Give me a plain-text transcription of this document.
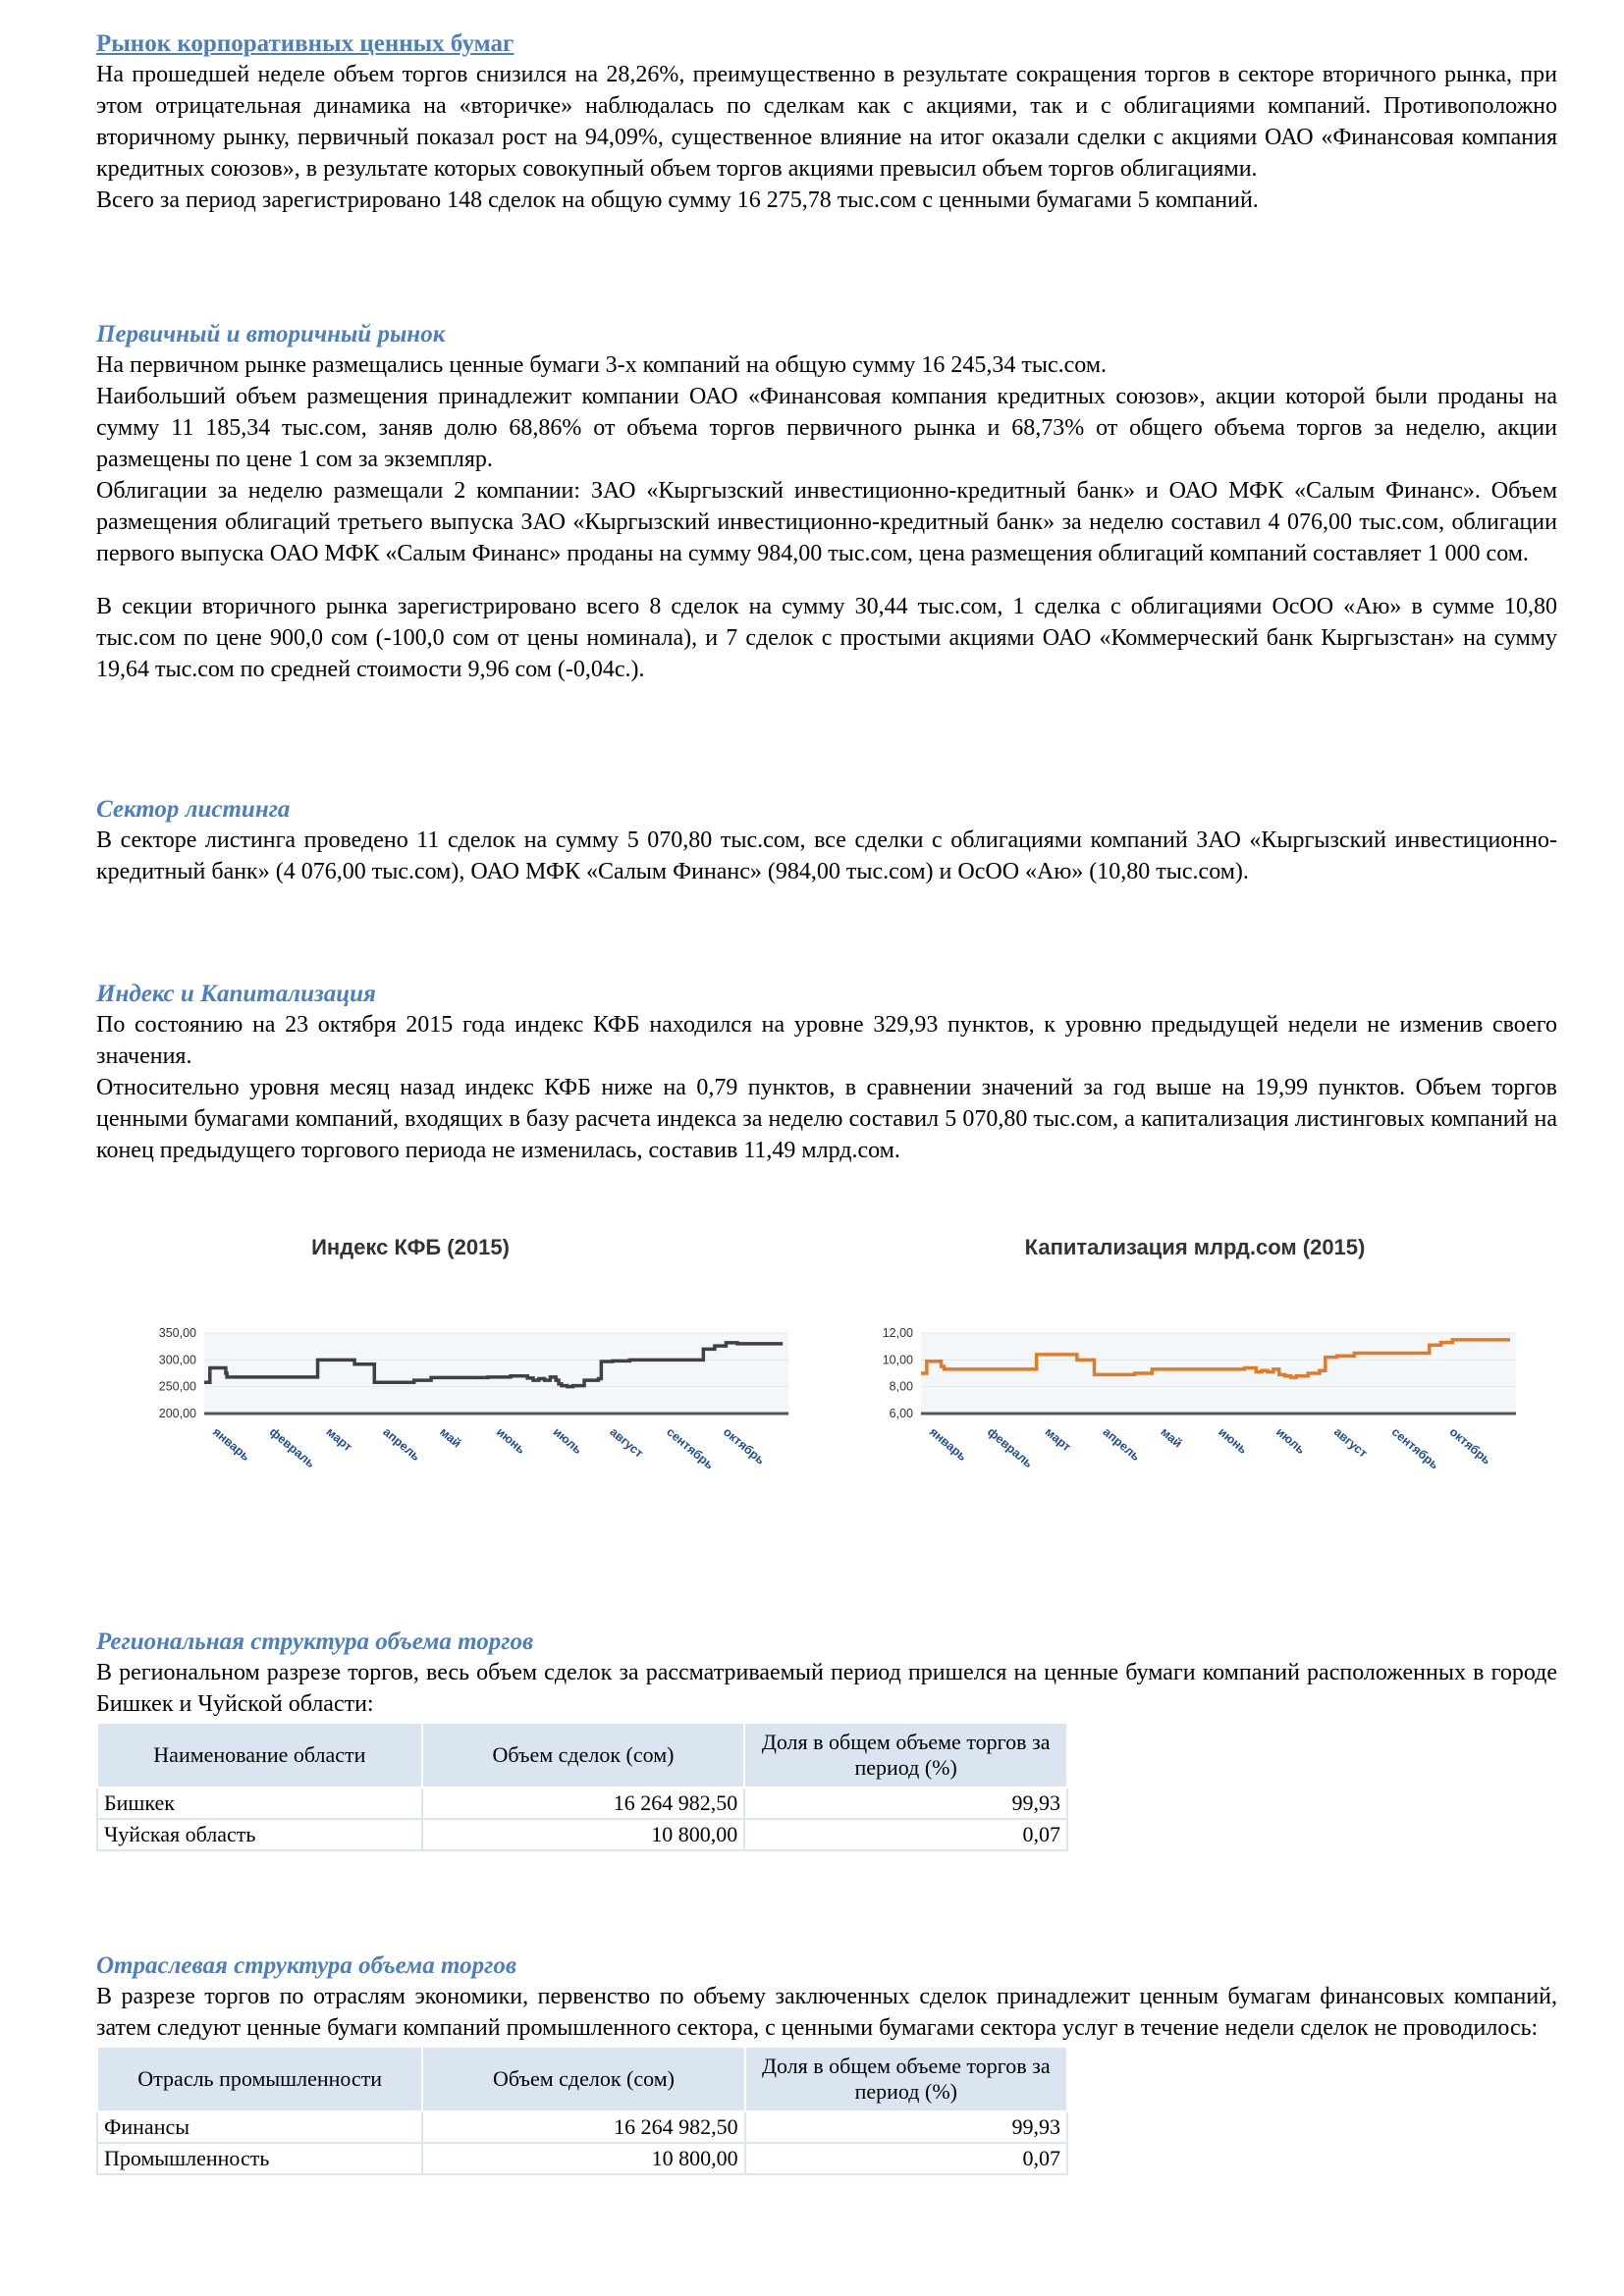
Рынок корпоративных ценных бумаг

На прошедшей неделе объем торгов снизился на 28,26%, преимущественно в результате сокращения торгов в секторе вторичного рынка, при этом отрицательная динамика на «вторичке» наблюдалась по сделкам как с акциями, так и с облигациями компаний. Противоположно вторичному рынку, первичный показал рост на 94,09%, существенное влияние на итог оказали сделки с акциями ОАО «Финансовая компания кредитных союзов», в результате которых совокупный объем торгов акциями превысил объем торгов облигациями.

Всего за период зарегистрировано 148 сделок на общую сумму 16 275,78 тыс.сом с ценными бумагами 5 компаний.

Первичный и вторичный рынок

На первичном рынке размещались ценные бумаги 3-х компаний на общую сумму 16 245,34 тыс.сом.

Наибольший объем размещения принадлежит компании ОАО «Финансовая компания кредитных союзов», акции которой были проданы на сумму 11 185,34 тыс.сом, заняв долю 68,86% от объема торгов первичного рынка и 68,73% от общего объема торгов за неделю, акции размещены по цене 1 сом за экземпляр.

Облигации за неделю размещали 2 компании: ЗАО «Кыргызский инвестиционно-кредитный банк» и ОАО МФК «Салым Финанс». Объем размещения облигаций третьего выпуска ЗАО «Кыргызский инвестиционно-кредитный банк» за неделю составил 4 076,00 тыс.сом, облигации первого выпуска ОАО МФК «Салым Финанс» проданы на сумму 984,00 тыс.сом, цена размещения облигаций компаний составляет 1 000 сом.

В секции вторичного рынка зарегистрировано всего 8 сделок на сумму 30,44 тыс.сом, 1 сделка с облигациями ОсОО «Аю» в сумме 10,80 тыс.сом по цене 900,0 сом (-100,0 сом от цены номинала), и 7 сделок с простыми акциями ОАО «Коммерческий банк Кыргызстан» на сумму 19,64 тыс.сом по средней стоимости 9,96 сом (-0,04с.).

Сектор листинга

В секторе листинга проведено 11 сделок на сумму 5 070,80 тыс.сом, все сделки с облигациями компаний ЗАО «Кыргызский инвестиционно-кредитный банк» (4 076,00 тыс.сом), ОАО МФК «Салым Финанс» (984,00 тыс.сом) и ОсОО «Аю» (10,80 тыс.сом).

Индекс и Капитализация

По состоянию на 23 октября 2015 года индекс КФБ находился на уровне 329,93 пунктов, к уровню предыдущей недели не изменив своего значения.

Относительно уровня месяц назад индекс КФБ ниже на 0,79 пунктов, в сравнении значений за год выше на 19,99 пунктов. Объем торгов ценными бумагами компаний, входящих в базу расчета индекса за неделю составил 5 070,80 тыс.сом, а капитализация листинговых компаний на конец предыдущего торгового периода не изменилась, составив 11,49 млрд.сом.

Индекс КФБ (2015)
200,00
250,00
300,00
350,00
январь февраль март апрель май июнь июль август сентябрь октябрь
Капитализация млрд.сом (2015)
6,00
8,00
10,00
12,00
январь февраль март апрель май	июнь июль август сентябрь октябрь

Региональная структура объема торгов

В региональном разрезе торгов, весь объем сделок за рассматриваемый период пришелся на ценные бумаги компаний расположенных в городе Бишкек и Чуйской области:

Наименование области	Объем сделок (сом)	Доля в общем объеме торгов за период (%)
Бишкек	16 264 982,50	99,93
Чуйская область	10 800,00	0,07

Отраслевая структура объема торгов

В разрезе торгов по отраслям экономики, первенство по объему заключенных сделок принадлежит ценным бумагам финансовых компаний, затем следуют ценные бумаги компаний промышленного сектора, с ценными бумагами сектора услуг в течение недели сделок не проводилось:

Отрасль промышленности	Объем сделок (сом)	Доля в общем объеме торгов за период (%)
Финансы	16 264 982,50	99,93
Промышленность	10 800,00	0,07
